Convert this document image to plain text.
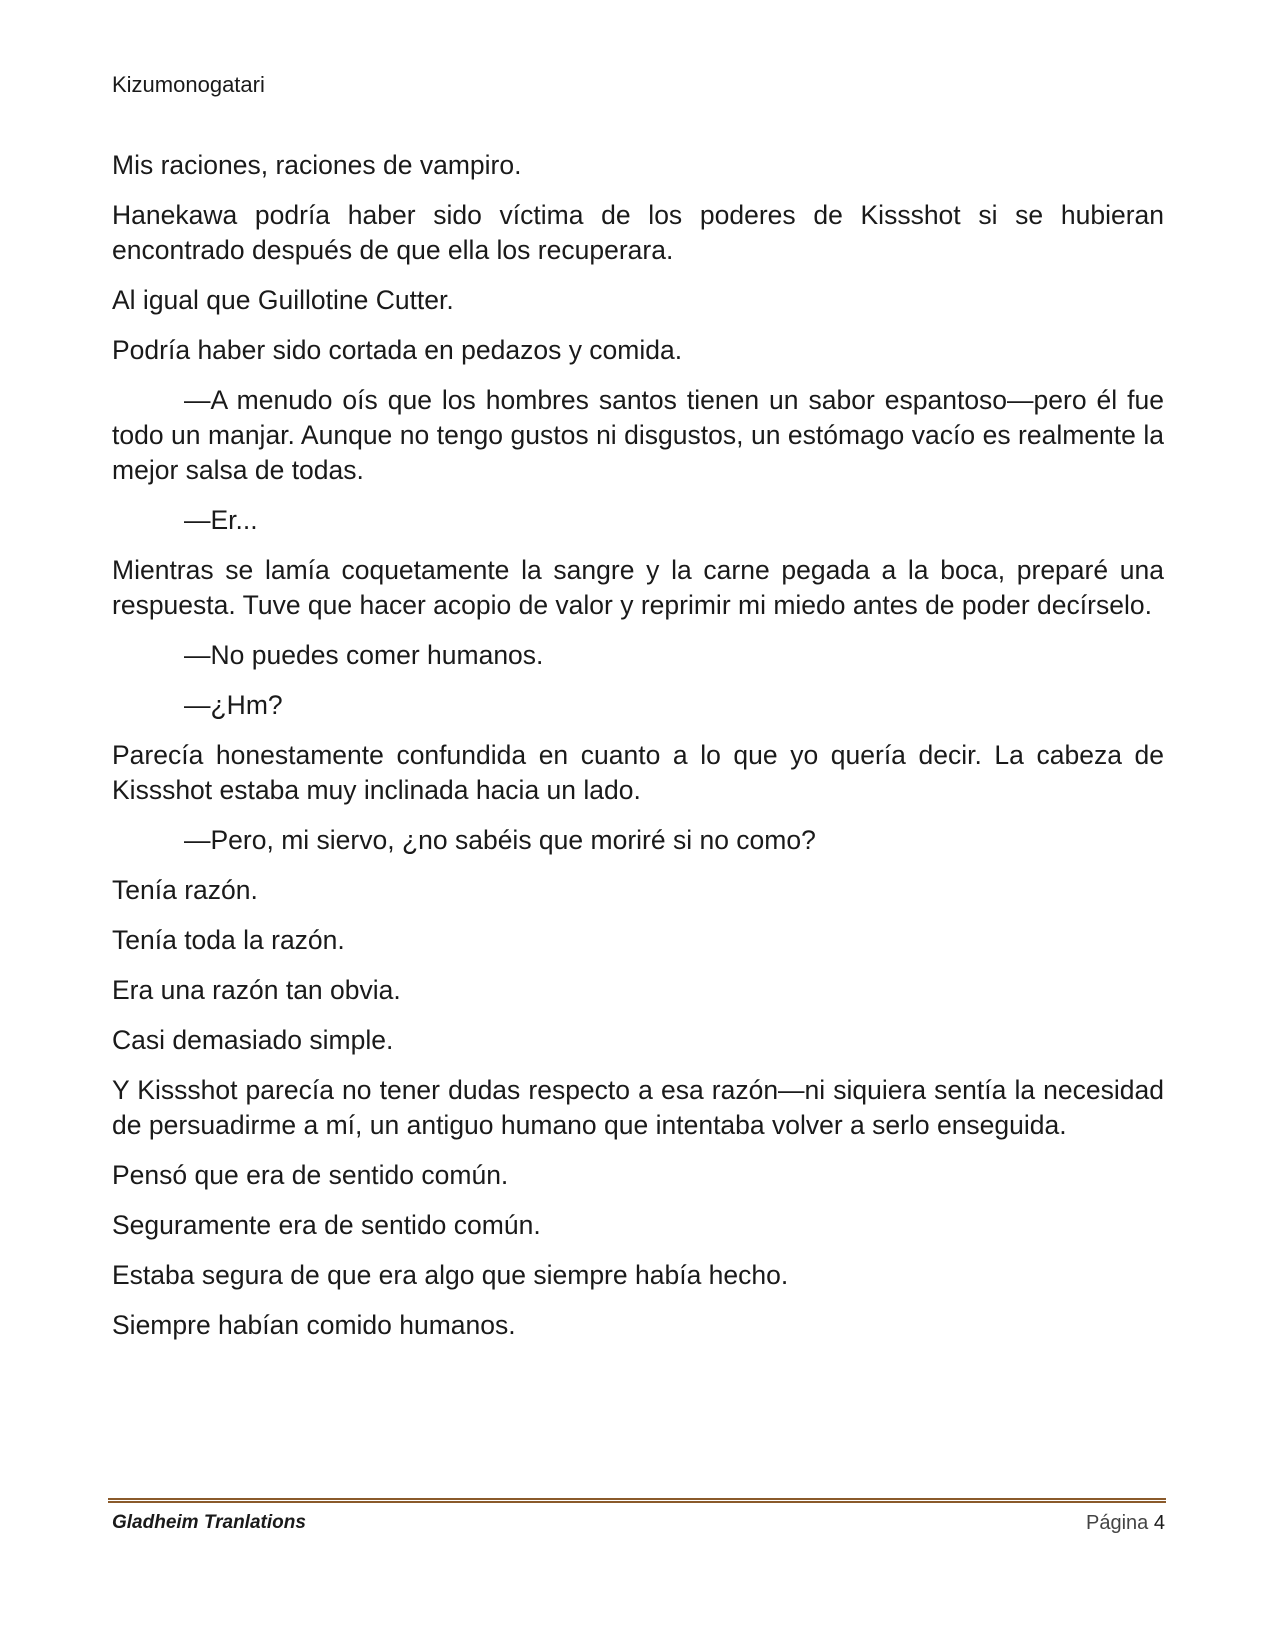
Kizumonogatari

Mis raciones, raciones de vampiro.

Hanekawa podría haber sido víctima de los poderes de Kissshot si se hubieran encontrado después de que ella los recuperara.

Al igual que Guillotine Cutter.

Podría haber sido cortada en pedazos y comida.

—A menudo oís que los hombres santos tienen un sabor espantoso—pero él fue todo un manjar. Aunque no tengo gustos ni disgustos, un estómago vacío es realmente la mejor salsa de todas.

—Er...

Mientras se lamía coquetamente la sangre y la carne pegada a la boca, preparé una respuesta. Tuve que hacer acopio de valor y reprimir mi miedo antes de poder decírselo.

—No puedes comer humanos.

—¿Hm?

Parecía honestamente confundida en cuanto a lo que yo quería decir. La cabeza de Kissshot estaba muy inclinada hacia un lado.

—Pero, mi siervo, ¿no sabéis que moriré si no como?

Tenía razón.

Tenía toda la razón.

Era una razón tan obvia.

Casi demasiado simple.

Y Kissshot parecía no tener dudas respecto a esa razón—ni siquiera sentía la necesidad de persuadirme a mí, un antiguo humano que intentaba volver a serlo enseguida.

Pensó que era de sentido común.

Seguramente era de sentido común.

Estaba segura de que era algo que siempre había hecho.

Siempre habían comido humanos.

Gladheim Tranlations	Página 4
